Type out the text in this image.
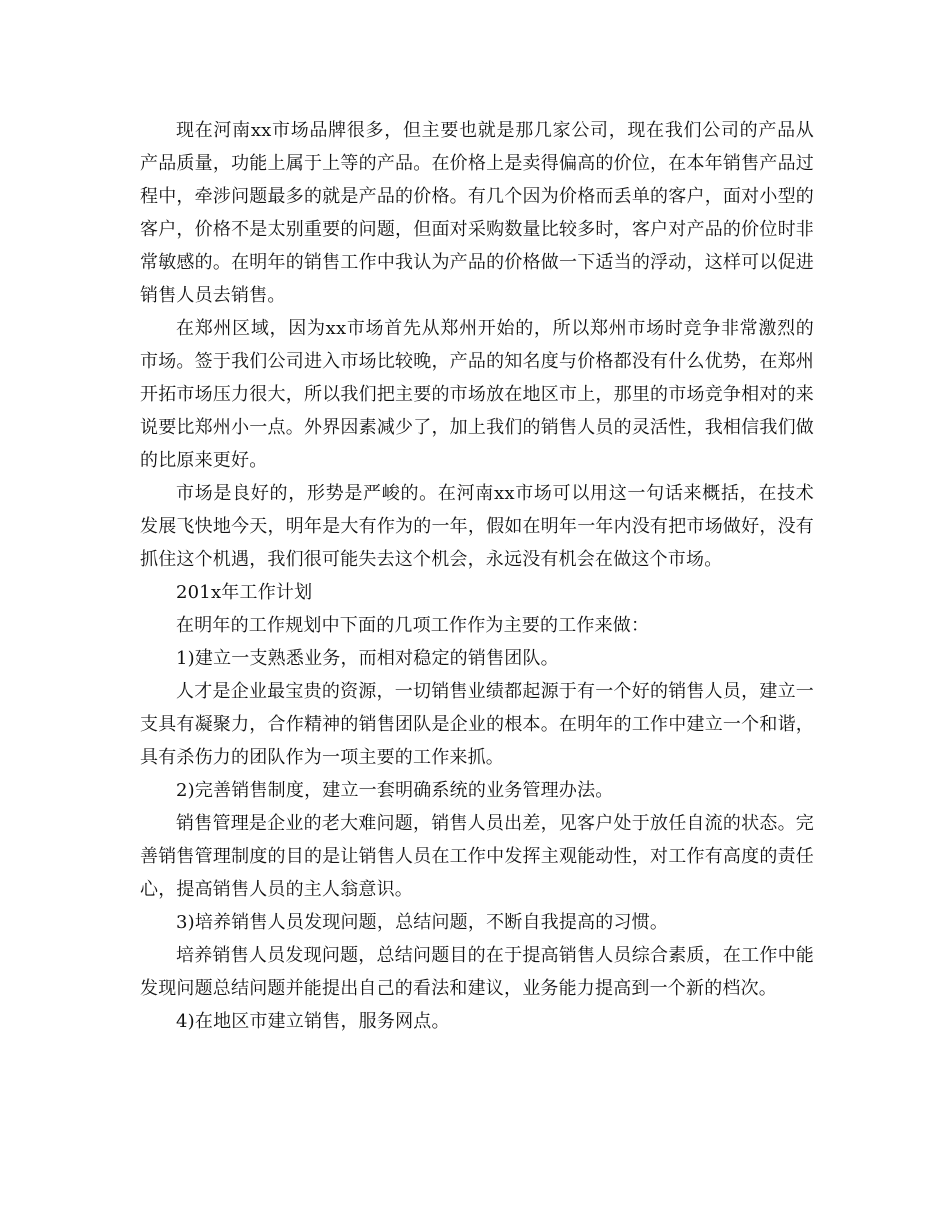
现在河南xx市场品牌很多，但主要也就是那几家公司，现在我们公司的产品从产品质量，功能上属于上等的产品。在价格上是卖得偏高的价位，在本年销售产品过程中，牵涉问题最多的就是产品的价格。有几个因为价格而丢单的客户，面对小型的客户，价格不是太别重要的问题，但面对采购数量比较多时，客户对产品的价位时非常敏感的。在明年的销售工作中我认为产品的价格做一下适当的浮动，这样可以促进销售人员去销售。

在郑州区域，因为xx市场首先从郑州开始的，所以郑州市场时竞争非常激烈的市场。签于我们公司进入市场比较晚，产品的知名度与价格都没有什么优势，在郑州开拓市场压力很大，所以我们把主要的市场放在地区市上，那里的市场竞争相对的来说要比郑州小一点。外界因素减少了，加上我们的销售人员的灵活性，我相信我们做的比原来更好。

市场是良好的，形势是严峻的。在河南xx市场可以用这一句话来概括，在技术发展飞快地今天，明年是大有作为的一年，假如在明年一年内没有把市场做好，没有抓住这个机遇，我们很可能失去这个机会，永远没有机会在做这个市场。

201x年工作计划

在明年的工作规划中下面的几项工作作为主要的工作来做：

1)建立一支熟悉业务，而相对稳定的销售团队。

人才是企业最宝贵的资源，一切销售业绩都起源于有一个好的销售人员，建立一支具有凝聚力，合作精神的销售团队是企业的根本。在明年的工作中建立一个和谐，具有杀伤力的团队作为一项主要的工作来抓。

2)完善销售制度，建立一套明确系统的业务管理办法。

销售管理是企业的老大难问题，销售人员出差，见客户处于放任自流的状态。完善销售管理制度的目的是让销售人员在工作中发挥主观能动性，对工作有高度的责任心，提高销售人员的主人翁意识。

3)培养销售人员发现问题，总结问题，不断自我提高的习惯。

培养销售人员发现问题，总结问题目的在于提高销售人员综合素质，在工作中能发现问题总结问题并能提出自己的看法和建议，业务能力提高到一个新的档次。

4)在地区市建立销售，服务网点。
